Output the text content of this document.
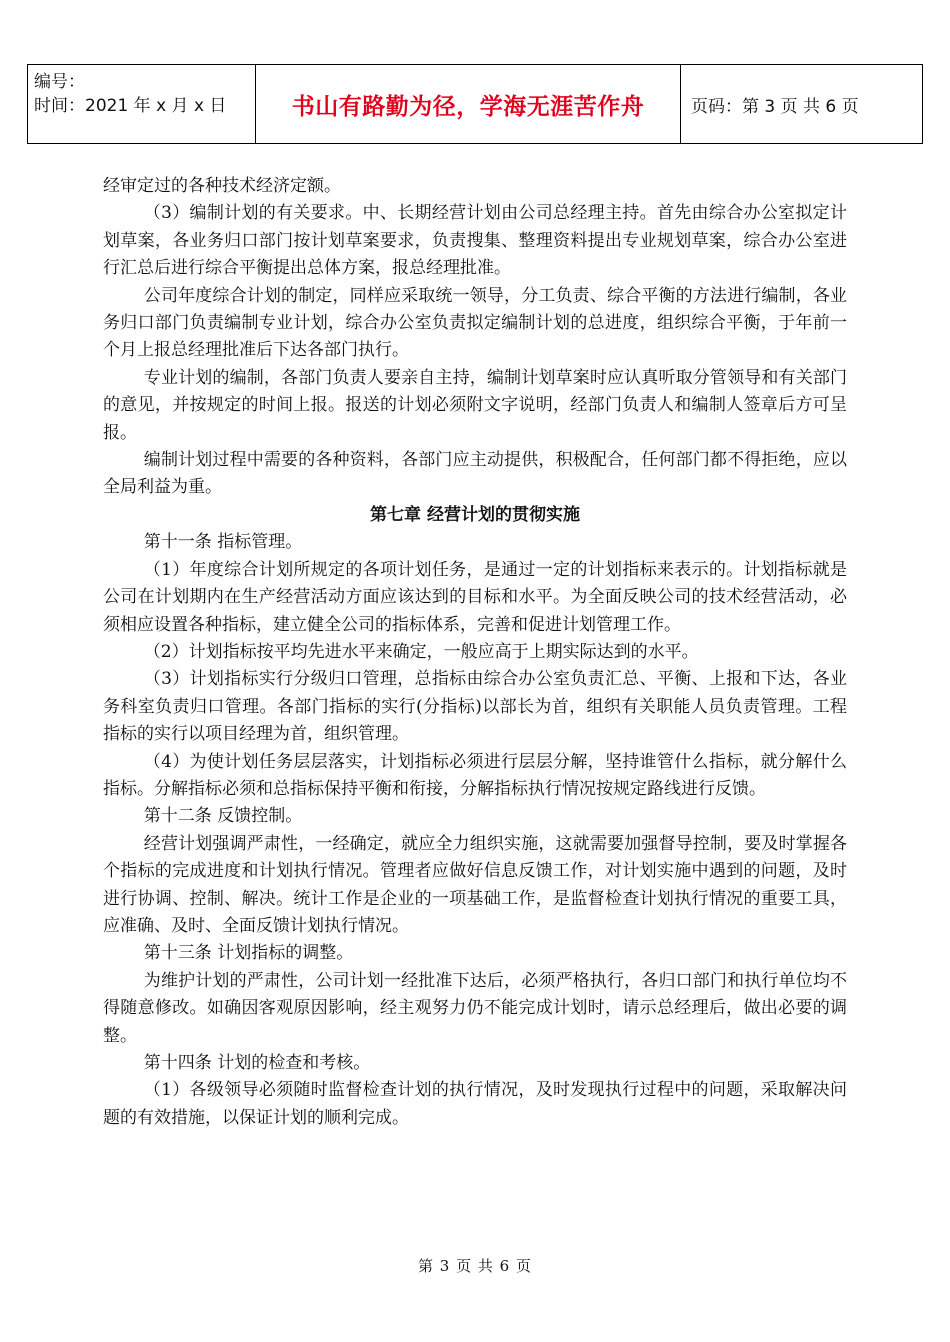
编号：
时间：2021 年 x 月 x 日	书山有路勤为径，学海无涯苦作舟	页码：第 3 页 共 6 页

经审定过的各种技术经济定额。

（3）编制计划的有关要求。中、长期经营计划由公司总经理主持。首先由综合办公室拟定计划草案，各业务归口部门按计划草案要求，负责搜集、整理资料提出专业规划草案，综合办公室进行汇总后进行综合平衡提出总体方案，报总经理批准。

公司年度综合计划的制定，同样应采取统一领导，分工负责、综合平衡的方法进行编制，各业务归口部门负责编制专业计划，综合办公室负责拟定编制计划的总进度，组织综合平衡，于年前一个月上报总经理批准后下达各部门执行。

专业计划的编制，各部门负责人要亲自主持，编制计划草案时应认真听取分管领导和有关部门的意见，并按规定的时间上报。报送的计划必须附文字说明，经部门负责人和编制人签章后方可呈报。

编制计划过程中需要的各种资料，各部门应主动提供，积极配合，任何部门都不得拒绝，应以全局利益为重。

第七章 经营计划的贯彻实施

第十一条 指标管理。

（1）年度综合计划所规定的各项计划任务，是通过一定的计划指标来表示的。计划指标就是公司在计划期内在生产经营活动方面应该达到的目标和水平。为全面反映公司的技术经营活动，必须相应设置各种指标，建立健全公司的指标体系，完善和促进计划管理工作。

（2）计划指标按平均先进水平来确定，一般应高于上期实际达到的水平。

（3）计划指标实行分级归口管理，总指标由综合办公室负责汇总、平衡、上报和下达，各业务科室负责归口管理。各部门指标的实行(分指标)以部长为首，组织有关职能人员负责管理。工程指标的实行以项目经理为首，组织管理。

（4）为使计划任务层层落实，计划指标必须进行层层分解，坚持谁管什么指标，就分解什么指标。分解指标必须和总指标保持平衡和衔接，分解指标执行情况按规定路线进行反馈。

第十二条 反馈控制。

经营计划强调严肃性，一经确定，就应全力组织实施，这就需要加强督导控制，要及时掌握各个指标的完成进度和计划执行情况。管理者应做好信息反馈工作，对计划实施中遇到的问题，及时进行协调、控制、解决。统计工作是企业的一项基础工作，是监督检查计划执行情况的重要工具，应准确、及时、全面反馈计划执行情况。

第十三条 计划指标的调整。

为维护计划的严肃性，公司计划一经批准下达后，必须严格执行，各归口部门和执行单位均不得随意修改。如确因客观原因影响，经主观努力仍不能完成计划时，请示总经理后，做出必要的调整。

第十四条 计划的检查和考核。

（1）各级领导必须随时监督检查计划的执行情况，及时发现执行过程中的问题，采取解决问题的有效措施，以保证计划的顺利完成。

第 3 页 共 6 页
